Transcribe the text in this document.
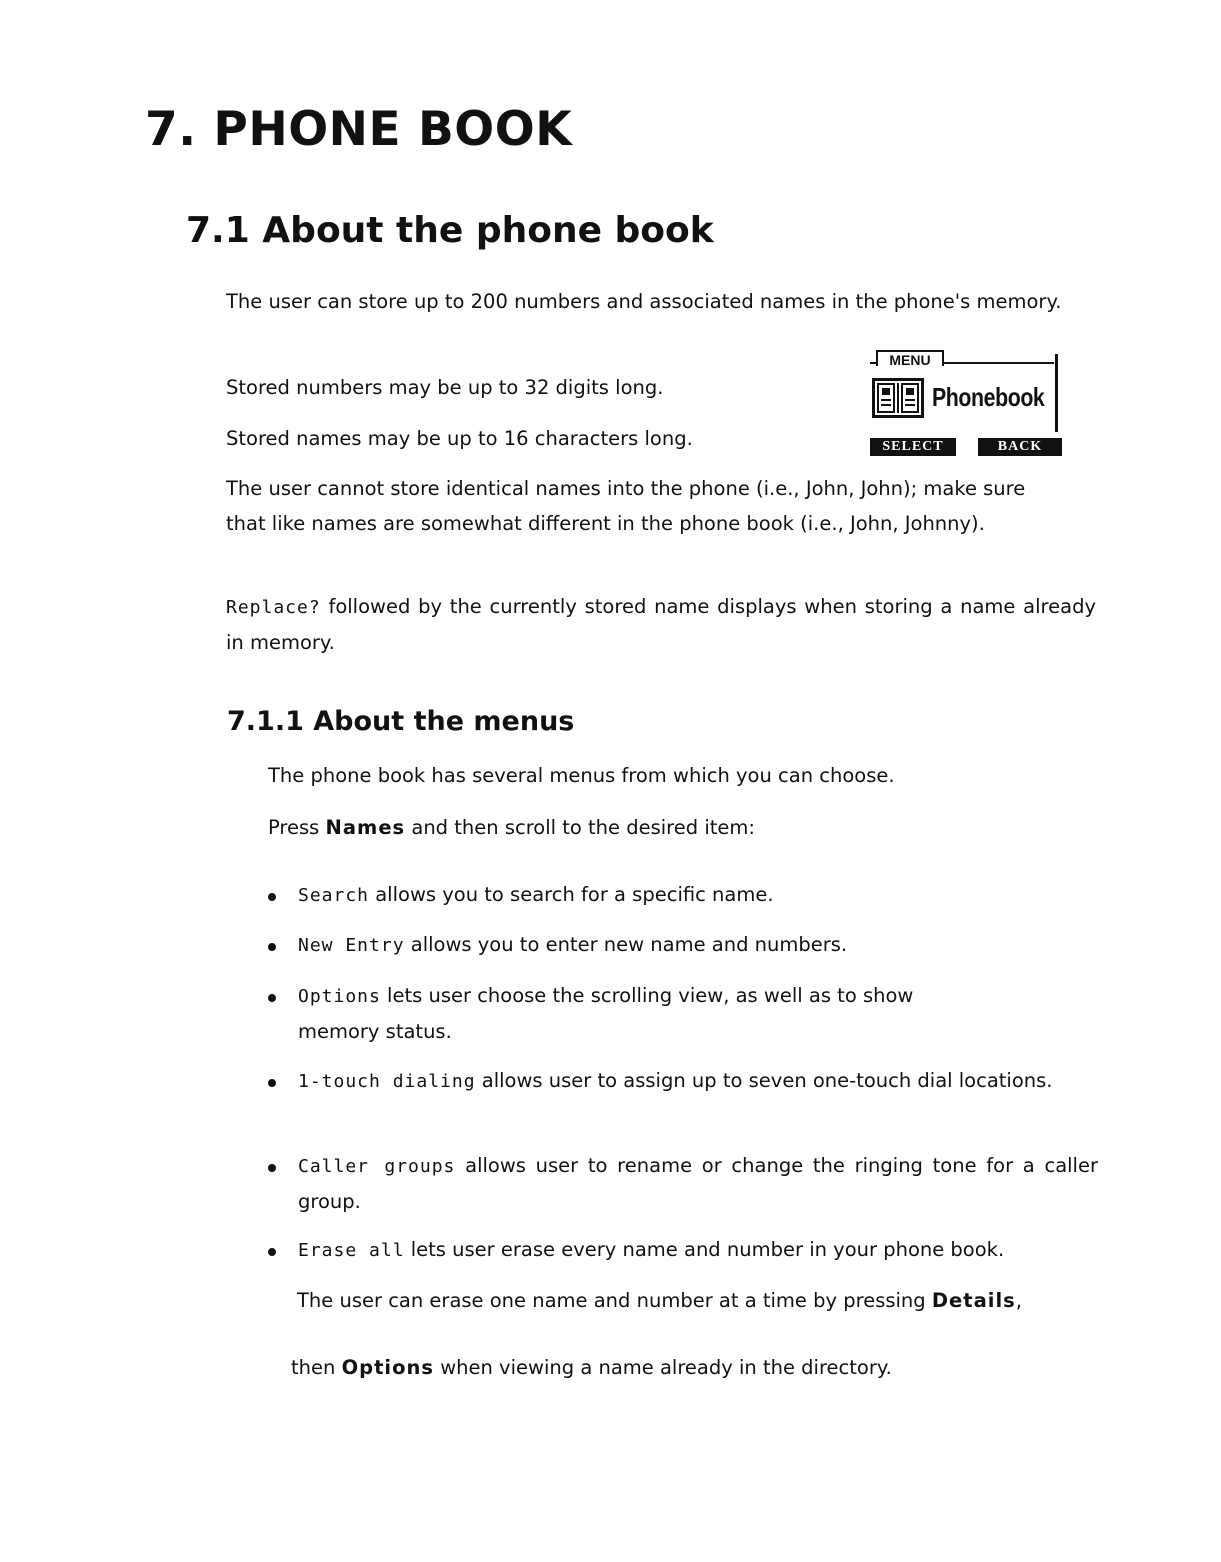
7. PHONE BOOK
7.1 About the phone book

The user can store up to 200 numbers and associated names in the phone's memory.

Stored numbers may be up to 32 digits long.

Stored names may be up to 16 characters long.

MENU
Phonebook
SELECT	BACK

The user cannot store identical names into the phone (i.e., John, John); make sure that like names are somewhat different in the phone book (i.e., John, Johnny).

Replace? followed by the currently stored name displays when storing a name already in memory.

7.1.1 About the menus

The phone book has several menus from which you can choose.

Press Names and then scroll to the desired item:

Search allows you to search for a specific name.

New Entry allows you to enter new name and numbers.

Options lets user choose the scrolling view, as well as to show memory status.

1-touch dialing allows user to assign up to seven one-touch dial locations.

Caller groups allows user to rename or change the ringing tone for a caller group.

Erase all lets user erase every name and number in your phone book.

The user can erase one name and number at a time by pressing Details,

then Options when viewing a name already in the directory.
